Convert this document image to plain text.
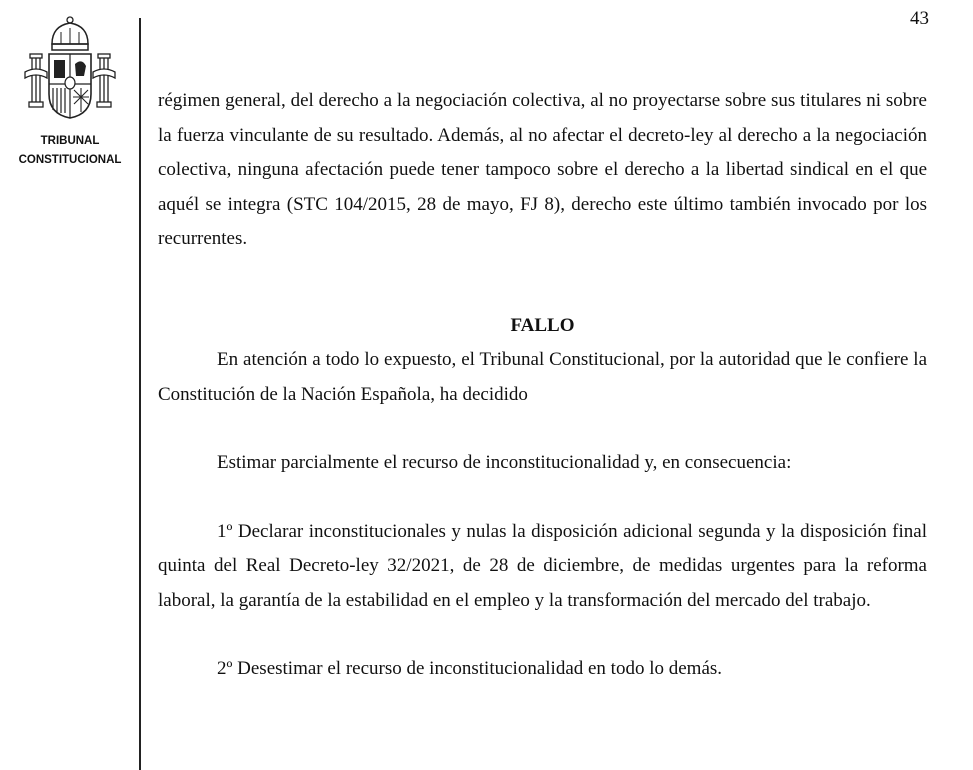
43
TRIBUNAL
CONSTITUCIONAL

régimen general, del derecho a la negociación colectiva, al no proyectarse sobre sus titulares ni sobre la fuerza vinculante de su resultado. Además, al no afectar el decreto-ley al derecho a la negociación colectiva, ninguna afectación puede tener tampoco sobre el derecho a la libertad sindical en el que aquél se integra (STC 104/2015, 28 de mayo, FJ 8), derecho este último también invocado por los recurrentes.

FALLO

En atención a todo lo expuesto, el Tribunal Constitucional, por la autoridad que le confiere la Constitución de la Nación Española, ha decidido

Estimar parcialmente el recurso de inconstitucionalidad y, en consecuencia:

1º Declarar inconstitucionales y nulas la disposición adicional segunda y la disposición final quinta del Real Decreto-ley 32/2021, de 28 de diciembre, de medidas urgentes para la reforma laboral, la garantía de la estabilidad en el empleo y la transformación del mercado del trabajo.

2º Desestimar el recurso de inconstitucionalidad en todo lo demás.
